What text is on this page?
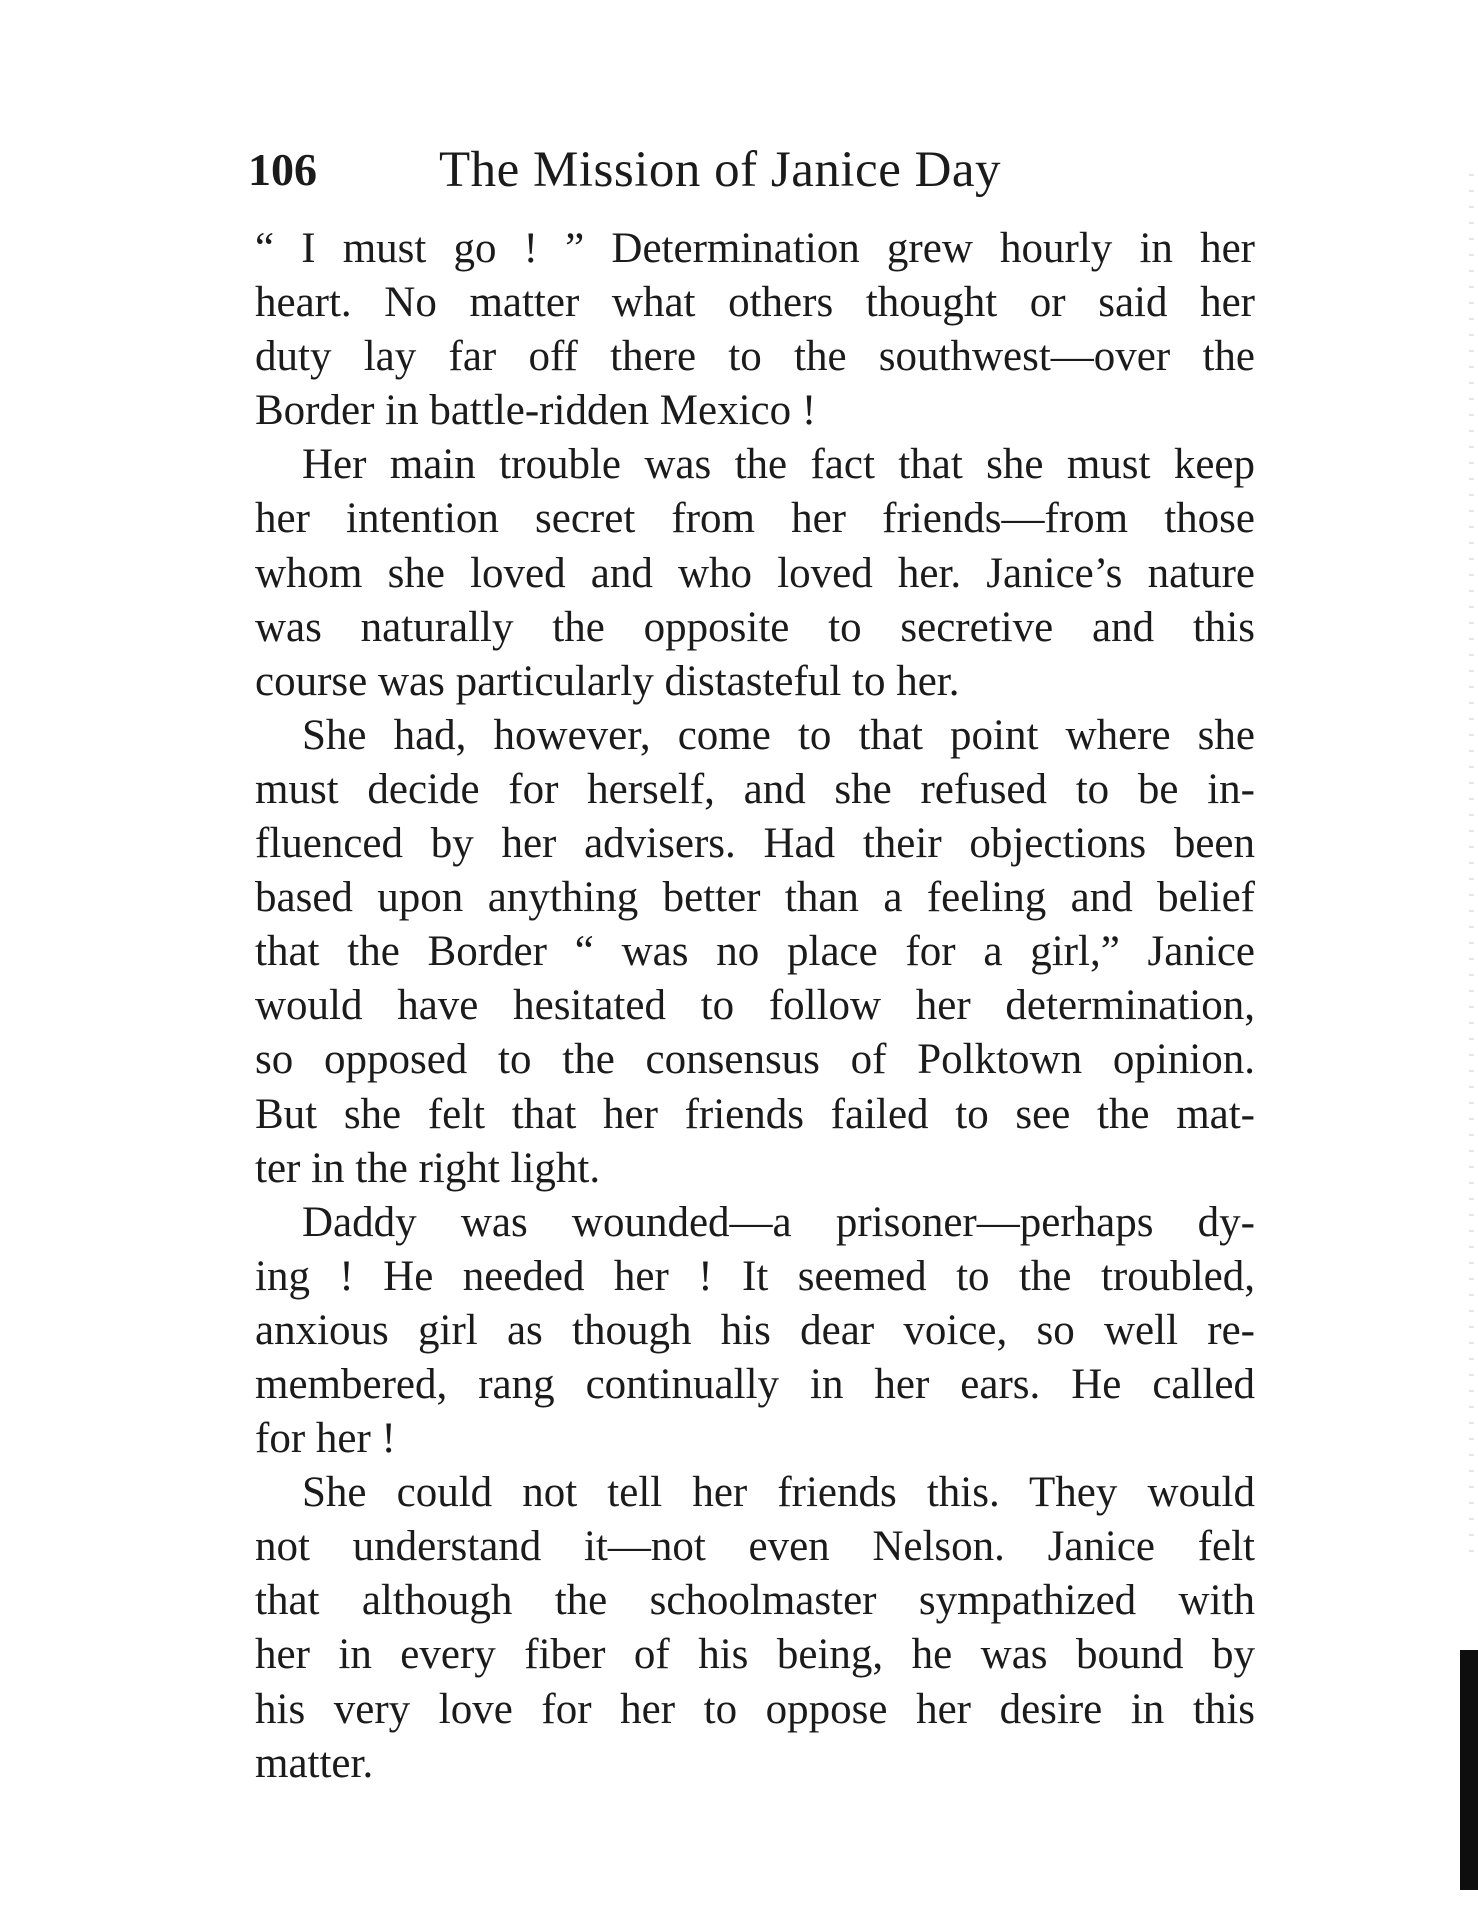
106 The Mission of Janice Day
“ I must go ! ” Determination grew hourly in her
heart. No matter what others thought or said her
duty lay far off there to the southwest—over the
Border in battle-ridden Mexico !
Her main trouble was the fact that she must keep
her intention secret from her friends—from those
whom she loved and who loved her. Janice’s nature
was naturally the opposite to secretive and this
course was particularly distasteful to her.
She had, however, come to that point where she
must decide for herself, and she refused to be in-
fluenced by her advisers. Had their objections been
based upon anything better than a feeling and belief
that the Border “ was no place for a girl,” Janice
would have hesitated to follow her determination,
so opposed to the consensus of Polktown opinion.
But she felt that her friends failed to see the mat-
ter in the right light.
Daddy was wounded—a prisoner—perhaps dy-
ing ! He needed her ! It seemed to the troubled,
anxious girl as though his dear voice, so well re-
membered, rang continually in her ears. He called
for her !
She could not tell her friends this. They would
not understand it—not even Nelson. Janice felt
that although the schoolmaster sympathized with
her in every fiber of his being, he was bound by
his very love for her to oppose her desire in this
matter.
